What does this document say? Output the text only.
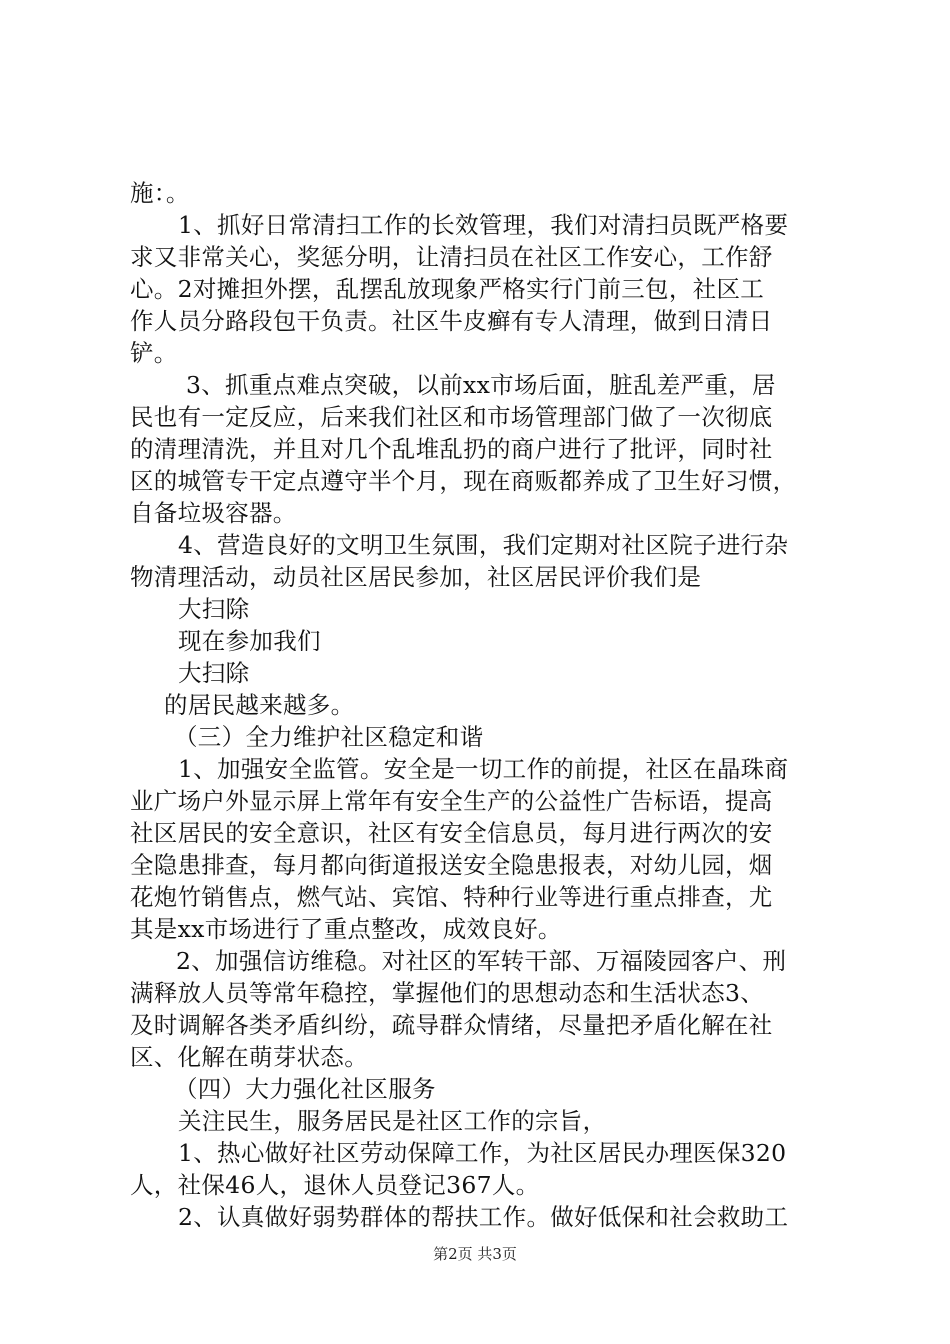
施：。
1、抓好日常清扫工作的长效管理，我们对清扫员既严格要
求又非常关心，奖惩分明，让清扫员在社区工作安心，工作舒
心。2对摊担外摆，乱摆乱放现象严格实行门前三包，社区工
作人员分路段包干负责。社区牛皮癣有专人清理，做到日清日
铲。
3、抓重点难点突破，以前xx市场后面，脏乱差严重，居
民也有一定反应，后来我们社区和市场管理部门做了一次彻底
的清理清洗，并且对几个乱堆乱扔的商户进行了批评，同时社
区的城管专干定点遵守半个月，现在商贩都养成了卫生好习惯，
自备垃圾容器。
4、营造良好的文明卫生氛围，我们定期对社区院子进行杂
物清理活动，动员社区居民参加，社区居民评价我们是
大扫除
现在参加我们
大扫除
的居民越来越多。
（三）全力维护社区稳定和谐
1、加强安全监管。安全是一切工作的前提，社区在晶珠商
业广场户外显示屏上常年有安全生产的公益性广告标语，提高
社区居民的安全意识，社区有安全信息员，每月进行两次的安
全隐患排查，每月都向街道报送安全隐患报表，对幼儿园，烟
花炮竹销售点，燃气站、宾馆、特种行业等进行重点排查，尤
其是xx市场进行了重点整改，成效良好。
2、加强信访维稳。对社区的军转干部、万福陵园客户、刑
满释放人员等常年稳控，掌握他们的思想动态和生活状态3、
及时调解各类矛盾纠纷，疏导群众情绪，尽量把矛盾化解在社
区、化解在萌芽状态。
（四）大力强化社区服务
关注民生，服务居民是社区工作的宗旨，
1、热心做好社区劳动保障工作，为社区居民办理医保320
人，社保46人，退休人员登记367人。
2、认真做好弱势群体的帮扶工作。做好低保和社会救助工
第2页 共3页
